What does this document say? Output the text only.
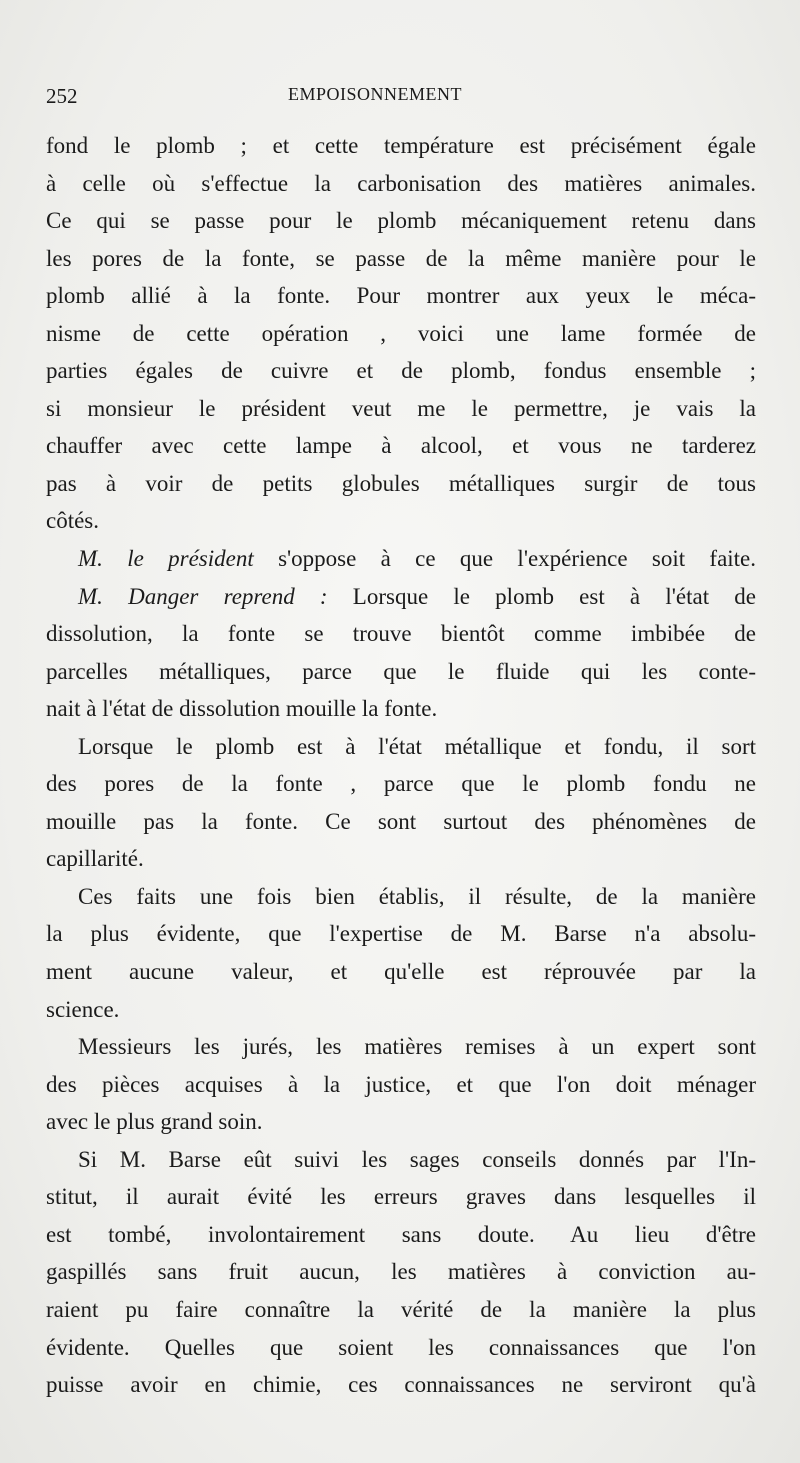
252	EMPOISONNEMENT
fond le plomb ; et cette température est précisément égale
à celle où s'effectue la carbonisation des matières animales.
Ce qui se passe pour le plomb mécaniquement retenu dans
les pores de la fonte, se passe de la même manière pour le
plomb allié à la fonte. Pour montrer aux yeux le méca-
nisme de cette opération , voici une lame formée de
parties égales de cuivre et de plomb, fondus ensemble ;
si monsieur le président veut me le permettre, je vais la
chauffer avec cette lampe à alcool, et vous ne tarderez
pas à voir de petits globules métalliques surgir de tous
côtés.
M. le président s'oppose à ce que l'expérience soit faite.
M. Danger reprend : Lorsque le plomb est à l'état de
dissolution, la fonte se trouve bientôt comme imbibée de
parcelles métalliques, parce que le fluide qui les conte-
nait à l'état de dissolution mouille la fonte.
Lorsque le plomb est à l'état métallique et fondu, il sort
des pores de la fonte , parce que le plomb fondu ne
mouille pas la fonte. Ce sont surtout des phénomènes de
capillarité.
Ces faits une fois bien établis, il résulte, de la manière
la plus évidente, que l'expertise de M. Barse n'a absolu-
ment aucune valeur, et qu'elle est réprouvée par la
science.
Messieurs les jurés, les matières remises à un expert sont
des pièces acquises à la justice, et que l'on doit ménager
avec le plus grand soin.
Si M. Barse eût suivi les sages conseils donnés par l'In-
stitut, il aurait évité les erreurs graves dans lesquelles il
est tombé, involontairement sans doute. Au lieu d'être
gaspillés sans fruit aucun, les matières à conviction au-
raient pu faire connaître la vérité de la manière la plus
évidente. Quelles que soient les connaissances que l'on
puisse avoir en chimie, ces connaissances ne serviront qu'à
